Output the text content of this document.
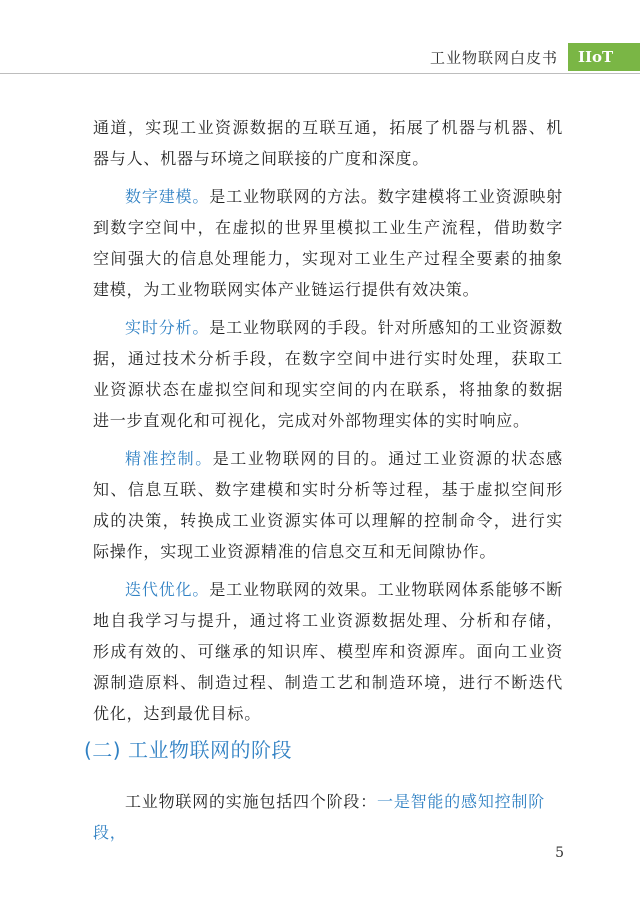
工业物联网白皮书	IIoT

通道，实现工业资源数据的互联互通，拓展了机器与机器、机器与人、机器与环境之间联接的广度和深度。

数字建模。是工业物联网的方法。数字建模将工业资源映射到数字空间中，在虚拟的世界里模拟工业生产流程，借助数字空间强大的信息处理能力，实现对工业生产过程全要素的抽象建模，为工业物联网实体产业链运行提供有效决策。

实时分析。是工业物联网的手段。针对所感知的工业资源数据，通过技术分析手段，在数字空间中进行实时处理，获取工业资源状态在虚拟空间和现实空间的内在联系，将抽象的数据进一步直观化和可视化，完成对外部物理实体的实时响应。

精准控制。是工业物联网的目的。通过工业资源的状态感知、信息互联、数字建模和实时分析等过程，基于虚拟空间形成的决策，转换成工业资源实体可以理解的控制命令，进行实际操作，实现工业资源精准的信息交互和无间隙协作。

迭代优化。是工业物联网的效果。工业物联网体系能够不断地自我学习与提升，通过将工业资源数据处理、分析和存储，形成有效的、可继承的知识库、模型库和资源库。面向工业资源制造原料、制造过程、制造工艺和制造环境，进行不断迭代优化，达到最优目标。

(二) 工业物联网的阶段

工业物联网的实施包括四个阶段：一是智能的感知控制阶段，

5
